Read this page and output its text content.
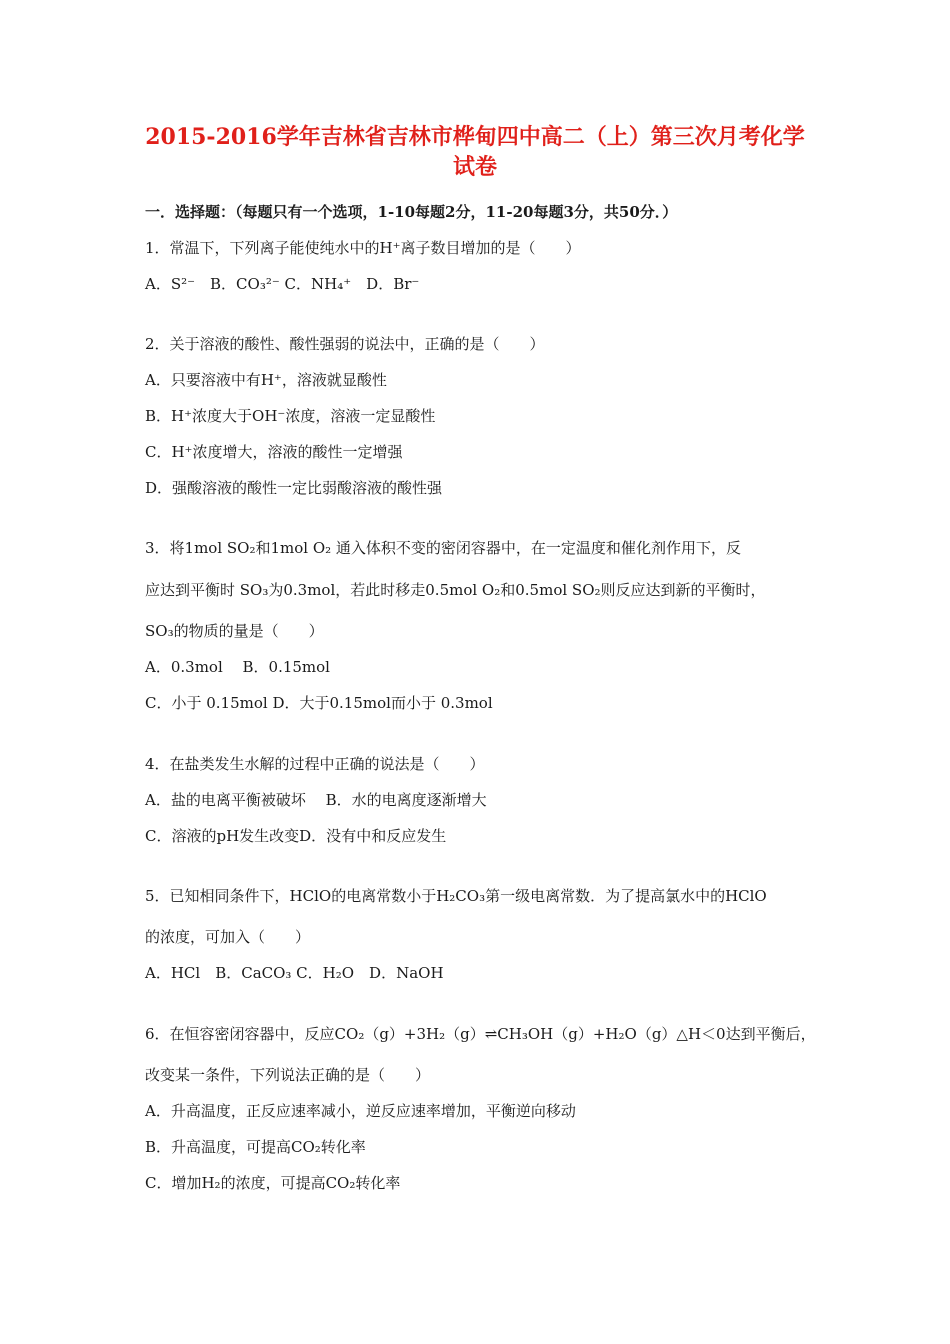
2015-2016学年吉林省吉林市桦甸四中高二（上）第三次月考化学
试卷
一．选择题：（每题只有一个选项，1-10每题2分，11-20每题3分，共50分．）
1．常温下，下列离子能使纯水中的H⁺离子数目增加的是（　　）
A．S²⁻　B．CO₃²⁻ C．NH₄⁺　D．Br⁻
2．关于溶液的酸性、酸性强弱的说法中，正确的是（　　）
A．只要溶液中有H⁺，溶液就显酸性
B．H⁺浓度大于OH⁻浓度，溶液一定显酸性
C．H⁺浓度增大，溶液的酸性一定增强
D．强酸溶液的酸性一定比弱酸溶液的酸性强
3．将1mol SO₂和1mol O₂ 通入体积不变的密闭容器中，在一定温度和催化剂作用下，反
应达到平衡时 SO₃为0.3mol，若此时移走0.5mol O₂和0.5mol SO₂则反应达到新的平衡时，
SO₃的物质的量是（　　）
A．0.3mol　 B．0.15mol
C．小于 0.15mol D．大于0.15mol而小于 0.3mol
4．在盐类发生水解的过程中正确的说法是（　　）
A．盐的电离平衡被破坏　 B．水的电离度逐渐增大
C．溶液的pH发生改变D．没有中和反应发生
5．已知相同条件下，HClO的电离常数小于H₂CO₃第一级电离常数．为了提高氯水中的HClO
的浓度，可加入（　　）
A．HCl　B．CaCO₃ C．H₂O　D．NaOH
6．在恒容密闭容器中，反应CO₂（g）+3H₂（g）⇌CH₃OH（g）+H₂O（g）△H＜0达到平衡后，
改变某一条件，下列说法正确的是（　　）
A．升高温度，正反应速率减小，逆反应速率增加，平衡逆向移动
B．升高温度，可提高CO₂转化率
C．增加H₂的浓度，可提高CO₂转化率
